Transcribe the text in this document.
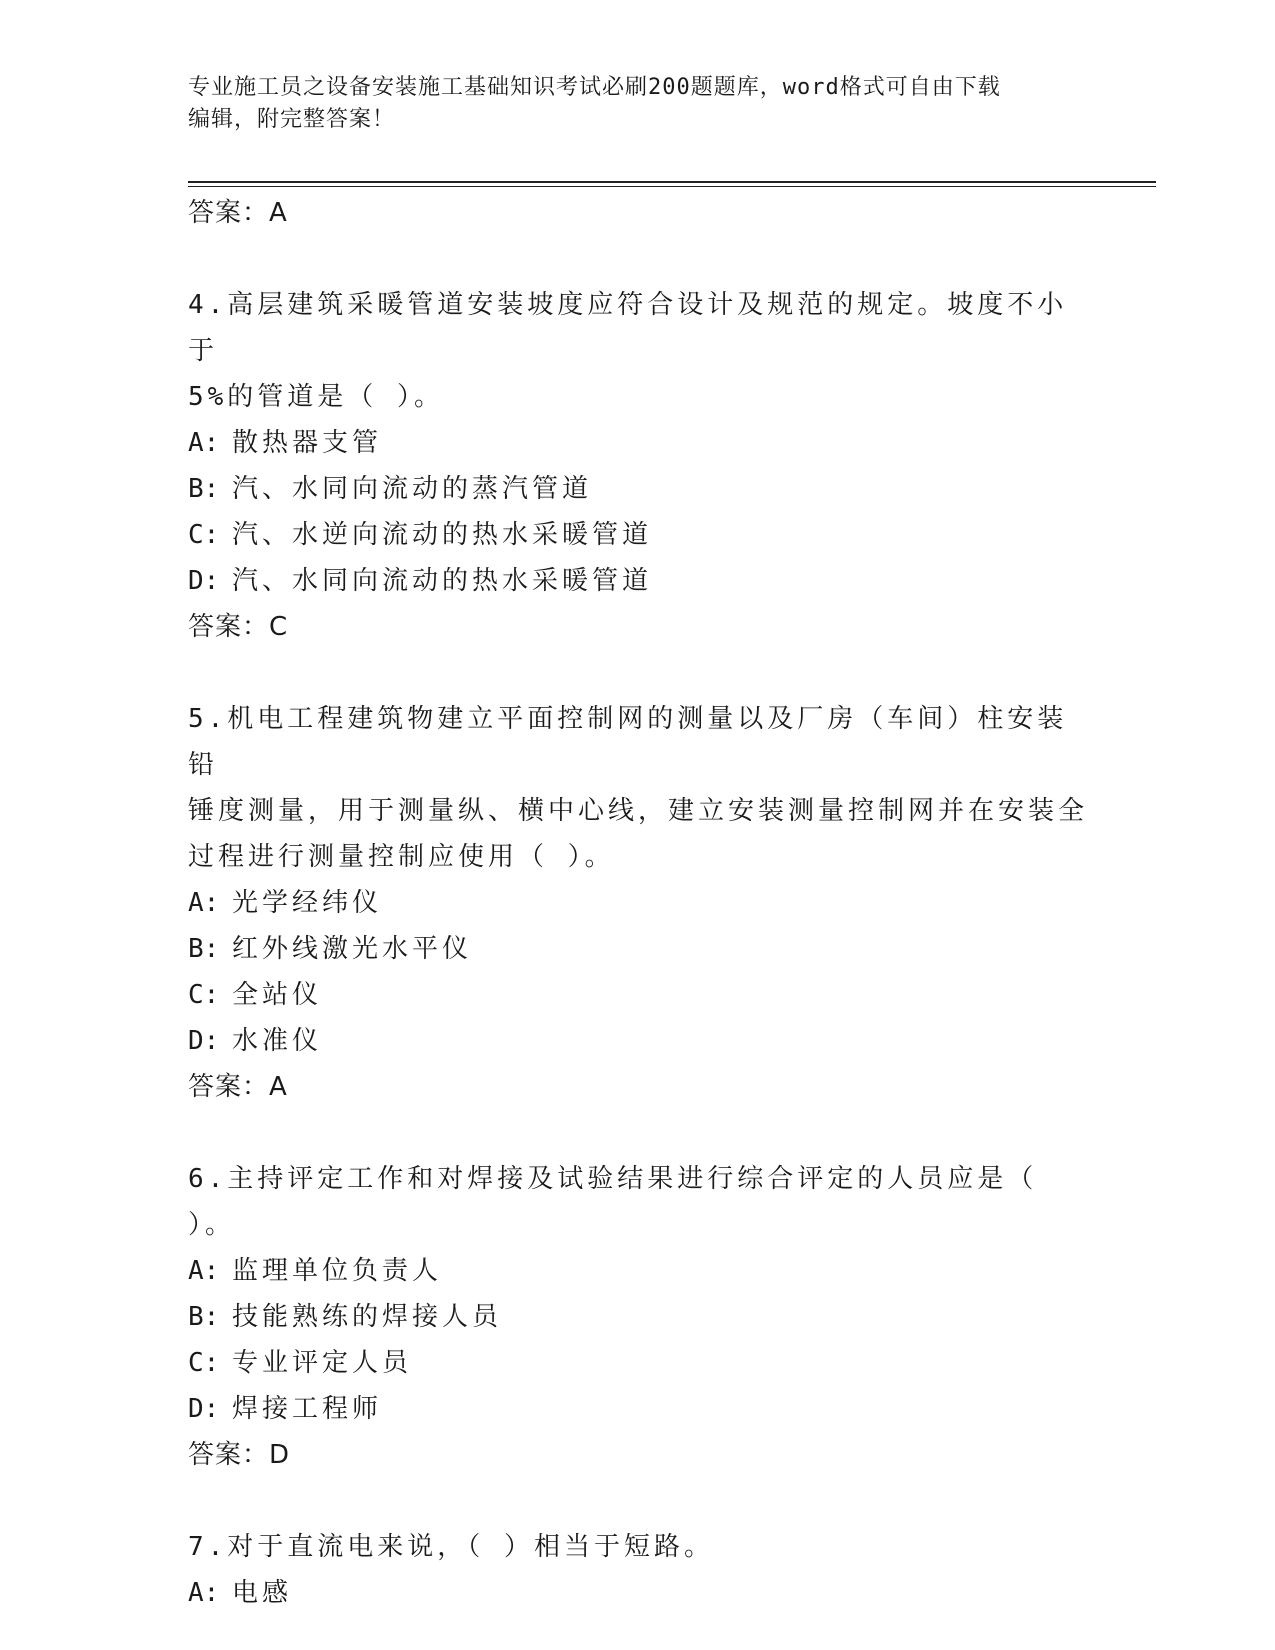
专业施工员之设备安装施工基础知识考试必刷200题题库，word格式可自由下载
编辑，附完整答案！
答案：A
4.高层建筑采暖管道安装坡度应符合设计及规范的规定。坡度不小于
5%的管道是（ ）。
A: 散热器支管
B: 汽、水同向流动的蒸汽管道
C: 汽、水逆向流动的热水采暖管道
D: 汽、水同向流动的热水采暖管道
答案：C
5.机电工程建筑物建立平面控制网的测量以及厂房（车间）柱安装铅
锤度测量，用于测量纵、横中心线，建立安装测量控制网并在安装全
过程进行测量控制应使用（ ）。
A: 光学经纬仪
B: 红外线激光水平仪
C: 全站仪
D: 水准仪
答案：A
6.主持评定工作和对焊接及试验结果进行综合评定的人员应是（ ）。
A: 监理单位负责人
B: 技能熟练的焊接人员
C: 专业评定人员
D: 焊接工程师
答案：D
7.对于直流电来说，（ ）相当于短路。
A: 电感
